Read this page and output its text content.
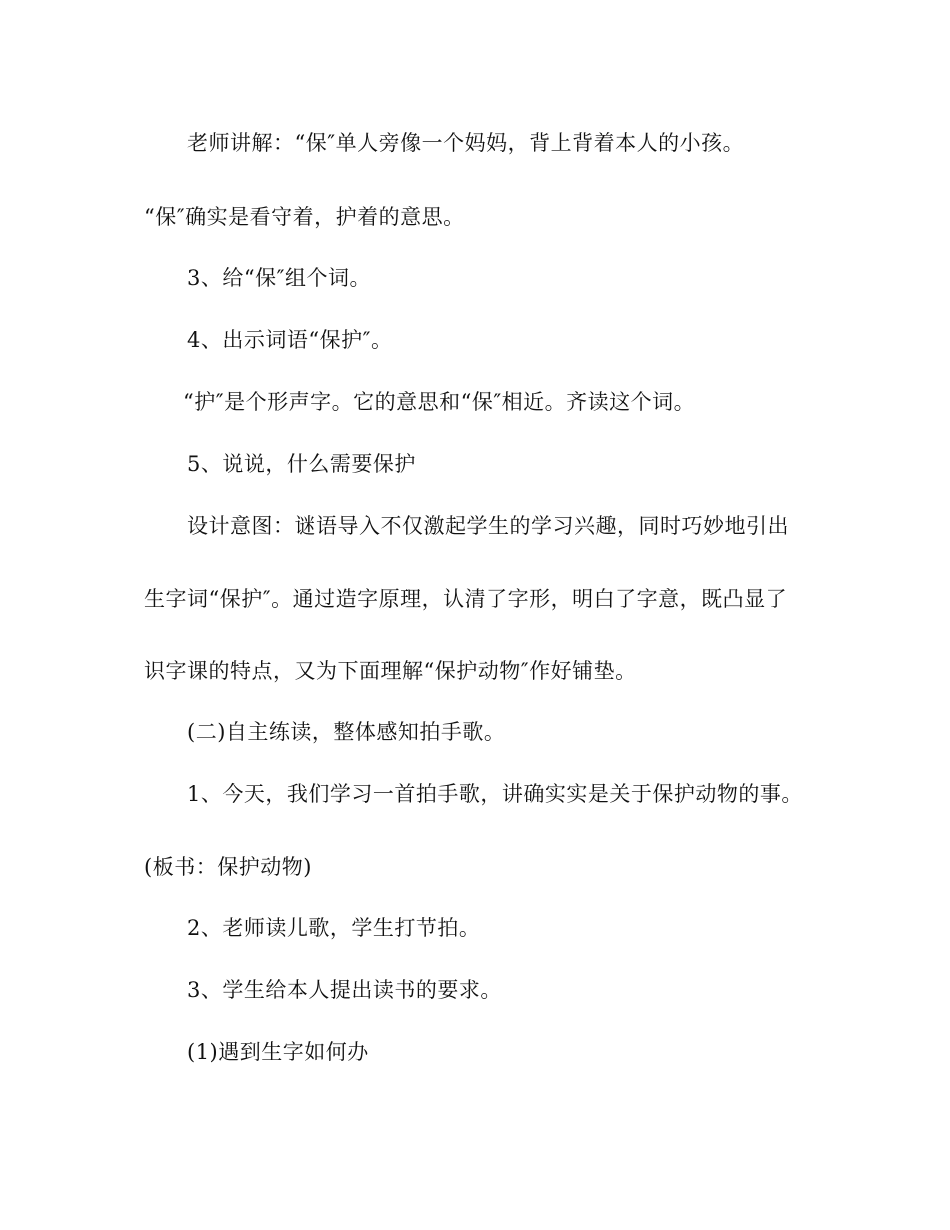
老师讲解：“保″单人旁像一个妈妈，背上背着本人的小孩。
“保″确实是看守着，护着的意思。
3、给“保″组个词。
4、出示词语“保护″。
“护″是个形声字。它的意思和“保″相近。齐读这个词。
5、说说，什么需要保护
设计意图：谜语导入不仅激起学生的学习兴趣，同时巧妙地引出
生字词“保护″。通过造字原理，认清了字形，明白了字意，既凸显了
识字课的特点，又为下面理解“保护动物″作好铺垫。
(二)自主练读，整体感知拍手歌。
1、今天，我们学习一首拍手歌，讲确实实是关于保护动物的事。
(板书：保护动物)
2、老师读儿歌，学生打节拍。
3、学生给本人提出读书的要求。
(1)遇到生字如何办
